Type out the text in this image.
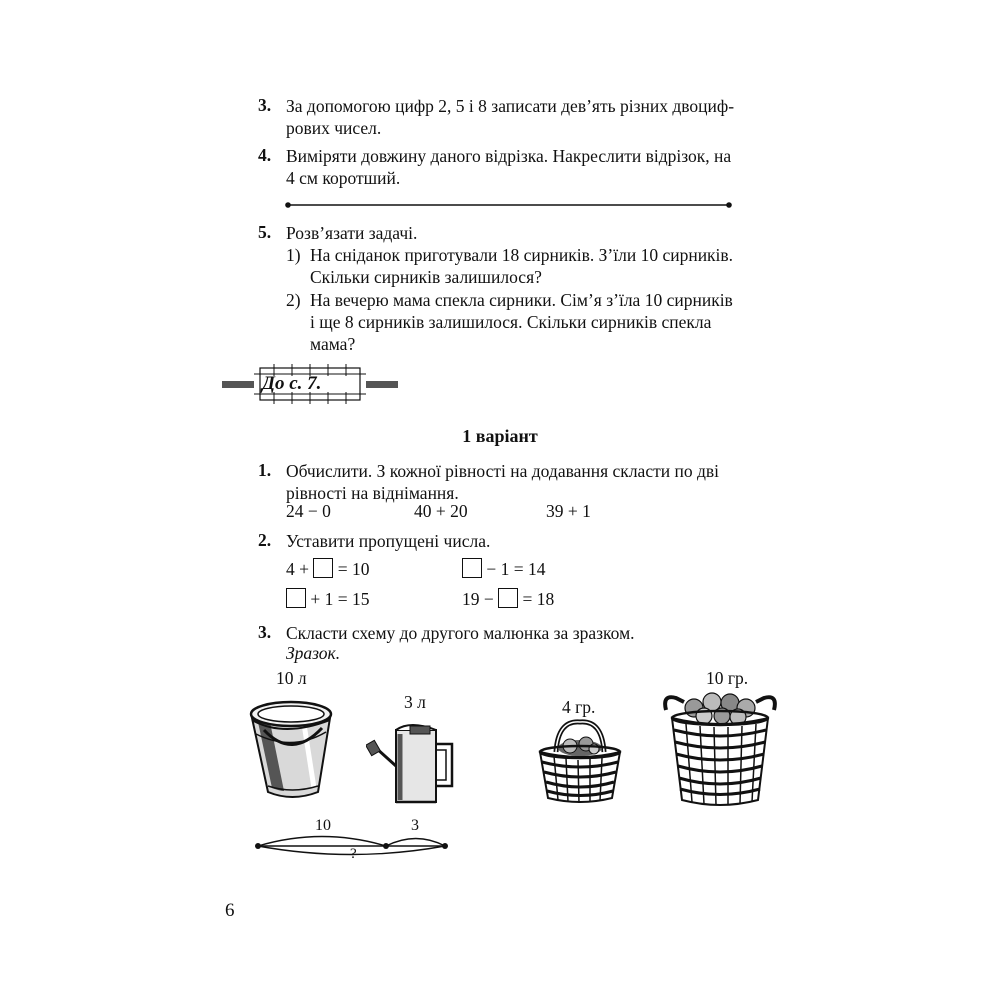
3. За допомогою цифр 2, 5 і 8 записати дев’ять різних двоциф-
рових чисел.
4. Виміряти довжину даного відрізка. Накреслити відрізок, на
4 см коротший.
5. Розв’язати задачі.
1) На сніданок приготували 18 сирників. З’їли 10 сирників.
Скільки сирників залишилося?
2) На вечерю мама спекла сирники. Сім’я з’їла 10 сирників
і ще 8 сирників залишилося. Скільки сирників спекла
мама?
До с. 7.
1 варіант
1. Обчислити. З кожної рівності на додавання скласти по дві
рівності на віднімання.
24 − 0	40 + 20	39 + 1
2. Уставити пропущені числа.
4 + = 10	− 1 = 14
+ 1 = 15	19 − = 18
3. Скласти схему до другого малюнка за зразком.
Зразок.
10 л
3 л	4 гр.
10 гр.
10	3
?
6
